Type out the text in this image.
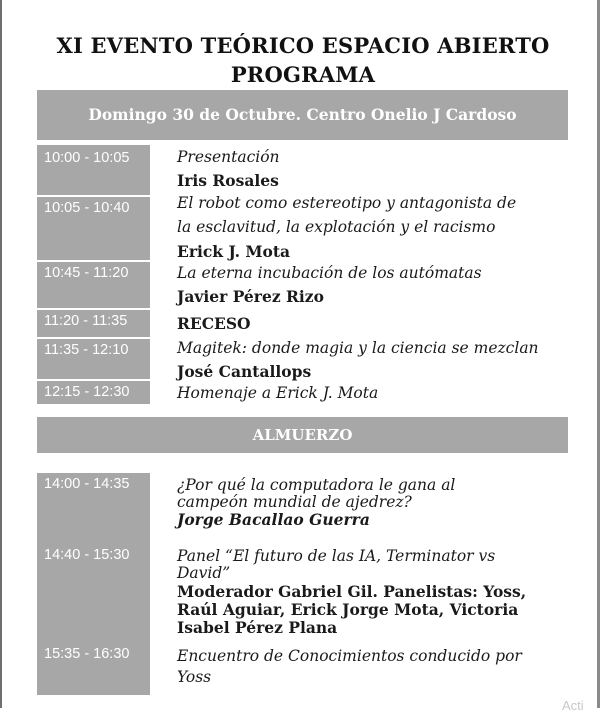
XI EVENTO TEÓRICO ESPACIO ABIERTO
PROGRAMA
Domingo 30 de Octubre. Centro Onelio J Cardoso
10:00 - 10:05
10:05 - 10:40
10:45 - 11:20
11:20 - 11:35
11:35 - 12:10
12:15 - 12:30
Presentación
Iris Rosales
El robot como estereotipo y antagonista de
la esclavitud, la explotación y el racismo
Erick J. Mota
La eterna incubación de los autómatas
Javier Pérez Rizo
RECESO
Magitek: donde magia y la ciencia se mezclan
José Cantallops
Homenaje a Erick J. Mota
ALMUERZO
14:00 - 14:35
14:40 - 15:30
15:35 - 16:30
¿Por qué la computadora le gana al
campeón mundial de ajedrez?
Jorge Bacallao Guerra
Panel “El futuro de las IA, Terminator vs
David”
Moderador Gabriel Gil. Panelistas: Yoss,
Raúl Aguiar, Erick Jorge Mota, Victoria
Isabel Pérez Plana
Encuentro de Conocimientos conducido por
Yoss
Acti
